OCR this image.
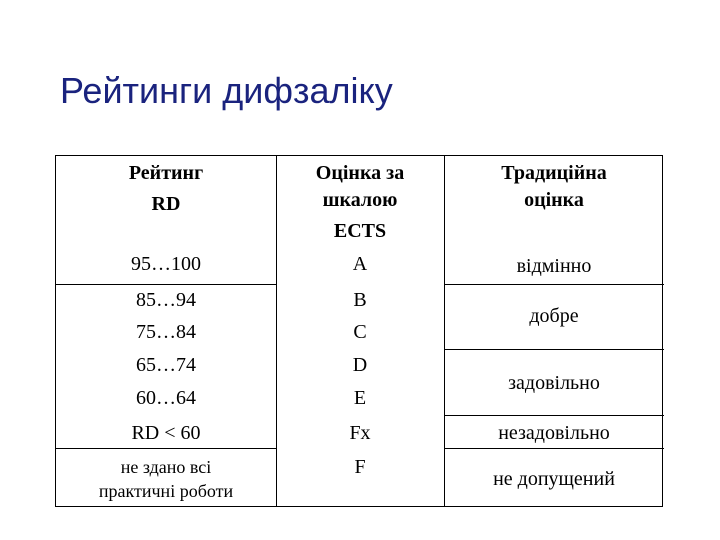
Рейтинги дифзаліку
Рейтинг
RD
Оцінка за
шкалою
ECTS
Традиційна
оцінка
95…100
85…94
75…84
65…74
60…64
RD < 60
не здано всі
практичні роботи
A
B
C
D
E
Fx
F
відмінно
добре
задовільно
незадовільно
не допущений
